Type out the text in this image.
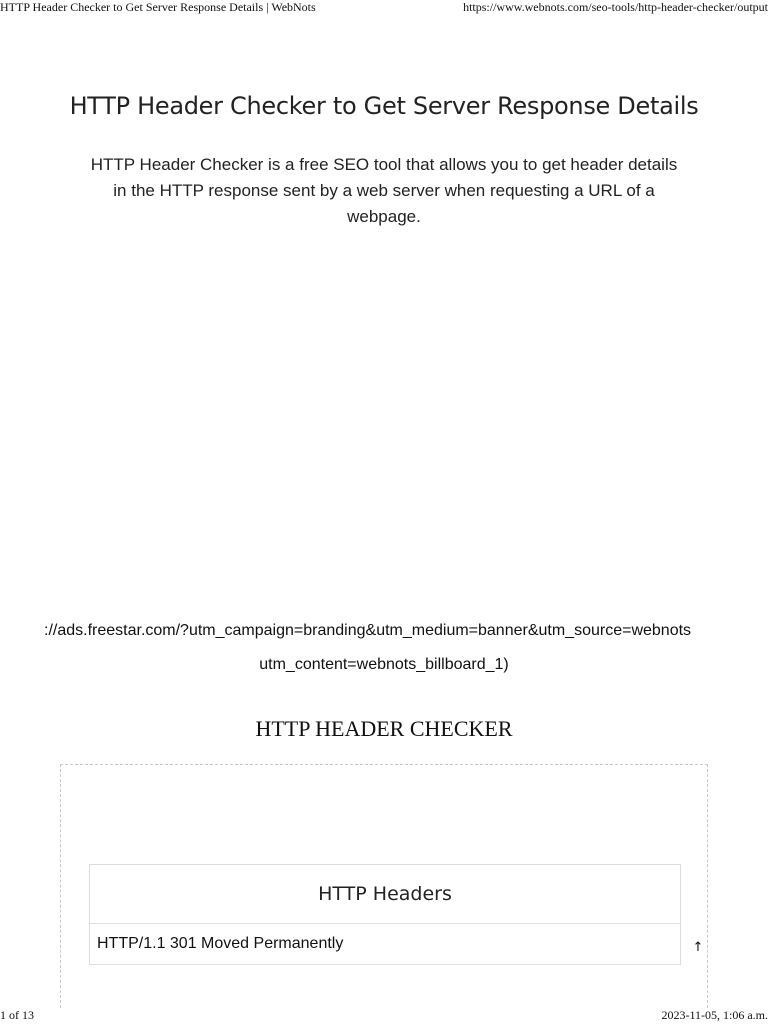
HTTP Header Checker to Get Server Response Details | WebNots	https://www.webnots.com/seo-tools/http-header-checker/output
HTTP Header Checker to Get Server Response Details
HTTP Header Checker is a free SEO tool that allows you to get header details in the HTTP response sent by a web server when requesting a URL of a webpage.
://ads.freestar.com/?utm_campaign=branding&utm_medium=banner&utm_source=webnots
utm_content=webnots_billboard_1)
HTTP HEADER CHECKER
HTTP Headers
HTTP/1.1 301 Moved Permanently	↑
1 of 13	2023-11-05, 1:06 a.m.
